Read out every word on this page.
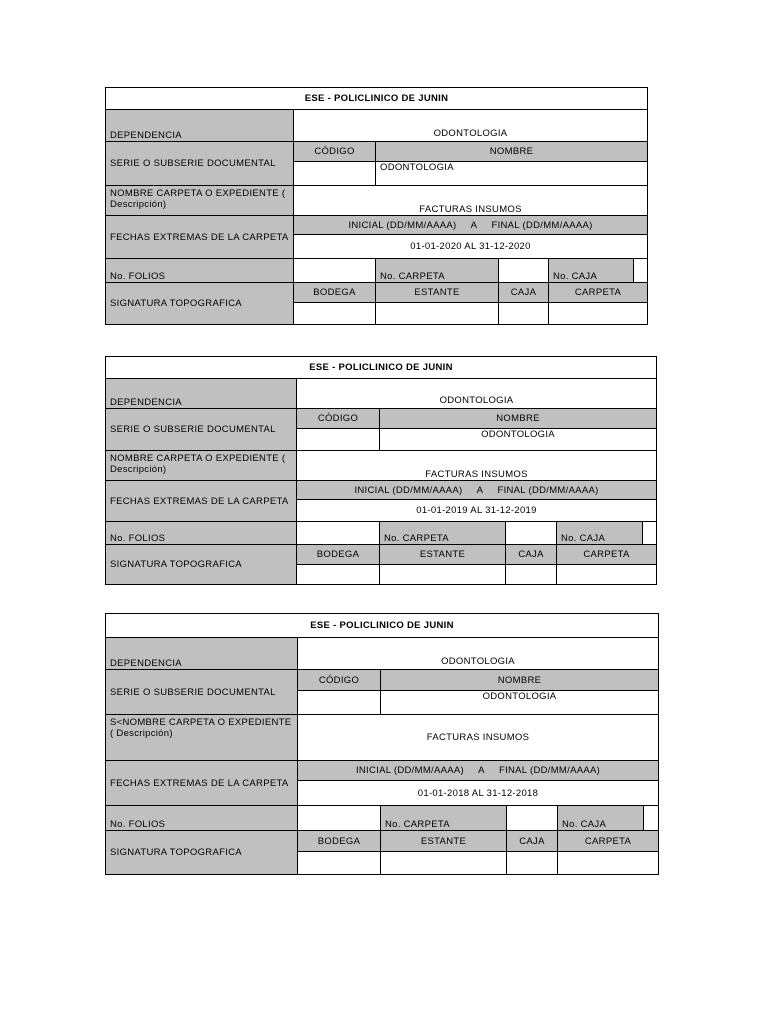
ESE - POLICLINICO DE JUNIN					
DEPENDENCIA	ODONTOLOGIA				
SERIE O SUBSERIE DOCUMENTAL	CÓDIGO	NOMBRE			
		ODONTOLOGIA			
NOMBRE CARPETA O EXPEDIENTE ( Descripción)	FACTURAS INSUMOS				
FECHAS EXTREMAS DE LA CARPETA	INICIAL (DD/MM/AAAA)     A     FINAL (DD/MM/AAAA)				
	01-01-2020 AL 31-12-2020				
No. FOLIOS		No. CARPETA		No. CAJA	
SIGNATURA TOPOGRAFICA	BODEGA	ESTANTE	CAJA	CARPETA	

ESE - POLICLINICO DE JUNIN					
DEPENDENCIA	ODONTOLOGIA				
SERIE O SUBSERIE DOCUMENTAL	CÓDIGO	NOMBRE			
		ODONTOLOGIA			
NOMBRE CARPETA O EXPEDIENTE ( Descripción)	FACTURAS INSUMOS				
FECHAS EXTREMAS DE LA CARPETA	INICIAL (DD/MM/AAAA)     A     FINAL (DD/MM/AAAA)				
	01-01-2019 AL 31-12-2019				
No. FOLIOS		No. CARPETA		No. CAJA	
SIGNATURA TOPOGRAFICA	BODEGA	ESTANTE	CAJA	CARPETA	

ESE - POLICLINICO DE JUNIN					
DEPENDENCIA	ODONTOLOGIA				
SERIE O SUBSERIE DOCUMENTAL	CÓDIGO	NOMBRE			
		ODONTOLOGIA			
S<NOMBRE CARPETA O EXPEDIENTE ( Descripción)	FACTURAS INSUMOS				
FECHAS EXTREMAS DE LA CARPETA	INICIAL (DD/MM/AAAA)     A     FINAL (DD/MM/AAAA)				
	01-01-2018 AL 31-12-2018				
No. FOLIOS		No. CARPETA		No. CAJA	
SIGNATURA TOPOGRAFICA	BODEGA	ESTANTE	CAJA	CARPETA	
